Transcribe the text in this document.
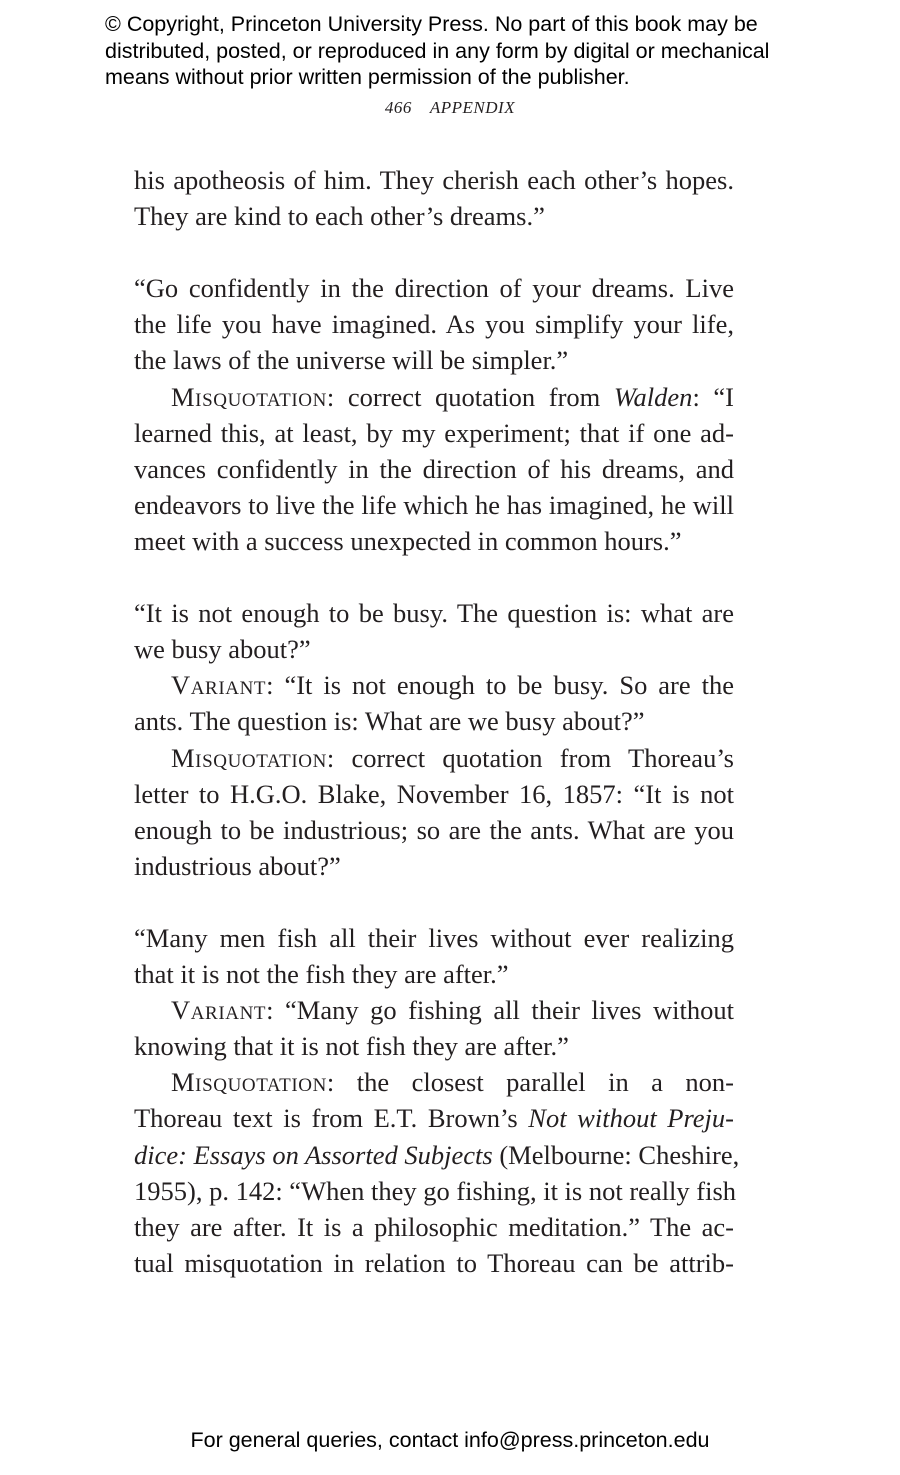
© Copyright, Princeton University Press. No part of this book may be
distributed, posted, or reproduced in any form by digital or mechanical
means without prior written permission of the publisher.
466 APPENDIX
his apotheosis of him. They cherish each other’s hopes.
They are kind to each other’s dreams.”
“Go confidently in the direction of your dreams. Live
the life you have imagined. As you simplify your life,
the laws of the universe will be simpler.”
Misquotation: correct quotation from Walden: “I
learned this, at least, by my experiment; that if one ad-
vances confidently in the direction of his dreams, and
endeavors to live the life which he has imagined, he will
meet with a success unexpected in common hours.”
“It is not enough to be busy. The question is: what are
we busy about?”
Variant: “It is not enough to be busy. So are the
ants. The question is: What are we busy about?”
Misquotation: correct quotation from Thoreau’s
letter to H.G.O. Blake, November 16, 1857: “It is not
enough to be industrious; so are the ants. What are you
industrious about?”
“Many men fish all their lives without ever realizing
that it is not the fish they are after.”
Variant: “Many go fishing all their lives without
knowing that it is not fish they are after.”
Misquotation: the closest parallel in a non-
Thoreau text is from E.T. Brown’s Not without Preju-
dice: Essays on Assorted Subjects (Melbourne: Cheshire,
1955), p. 142: “When they go fishing, it is not really fish
they are after. It is a philosophic meditation.” The ac-
tual misquotation in relation to Thoreau can be attrib-
For general queries, contact info@press.princeton.edu
